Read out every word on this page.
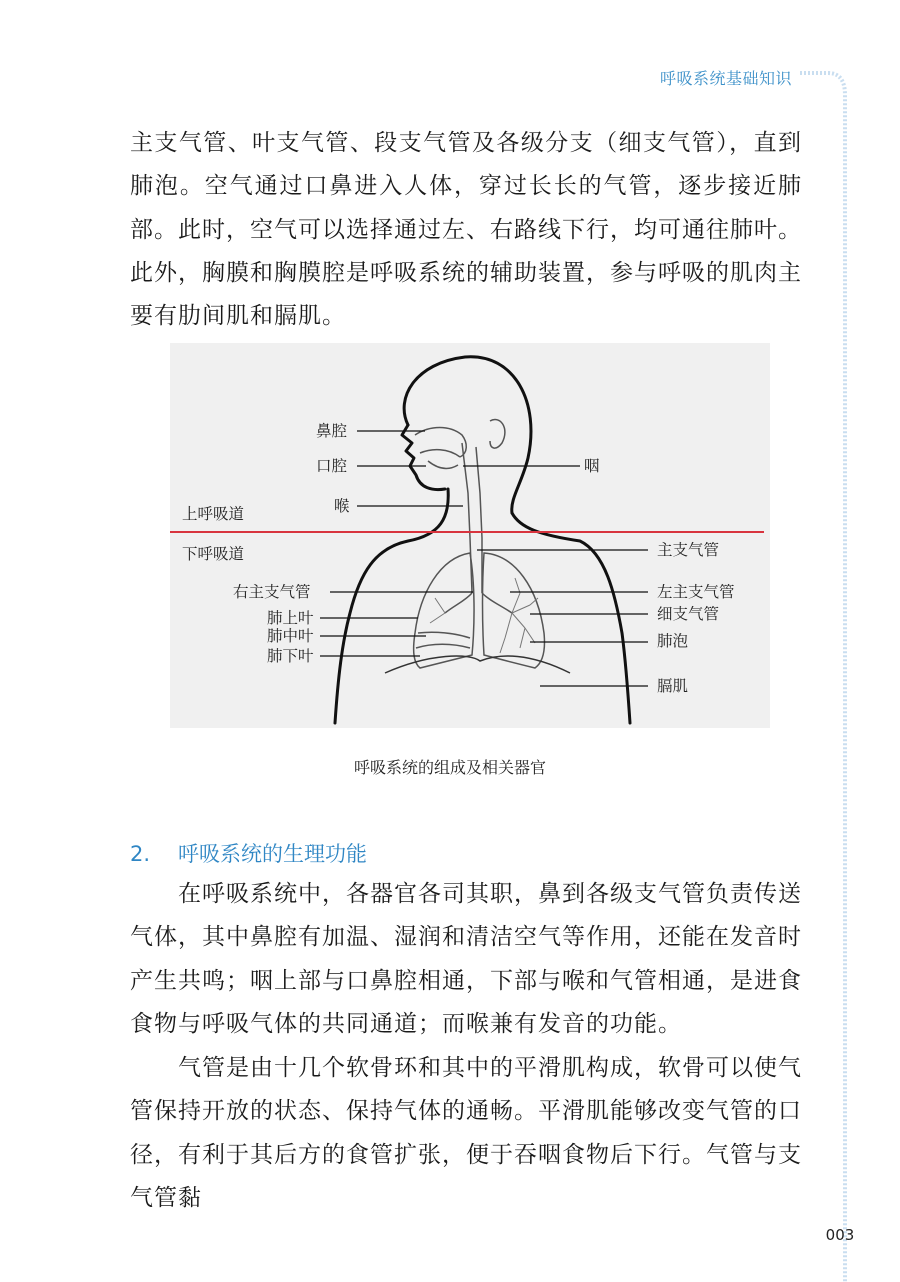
呼吸系统基础知识

主支气管、叶支气管、段支气管及各级分支（细支气管），直到肺泡。空气通过口鼻进入人体，穿过长长的气管，逐步接近肺部。此时，空气可以选择通过左、右路线下行，均可通往肺叶。此外，胸膜和胸膜腔是呼吸系统的辅助装置，参与呼吸的肌肉主要有肋间肌和膈肌。

鼻腔
口腔	咽
喉
上呼吸道
下呼吸道	主支气管
右主支气管	左主支气管
细支气管
肺上叶
肺中叶
肺下叶
肺泡
膈肌
呼吸系统的组成及相关器官
2. 呼吸系统的生理功能

在呼吸系统中，各器官各司其职，鼻到各级支气管负责传送气体，其中鼻腔有加温、湿润和清洁空气等作用，还能在发音时产生共鸣；咽上部与口鼻腔相通，下部与喉和气管相通，是进食食物与呼吸气体的共同通道；而喉兼有发音的功能。

气管是由十几个软骨环和其中的平滑肌构成，软骨可以使气管保持开放的状态、保持气体的通畅。平滑肌能够改变气管的口径，有利于其后方的食管扩张，便于吞咽食物后下行。气管与支气管黏

003
